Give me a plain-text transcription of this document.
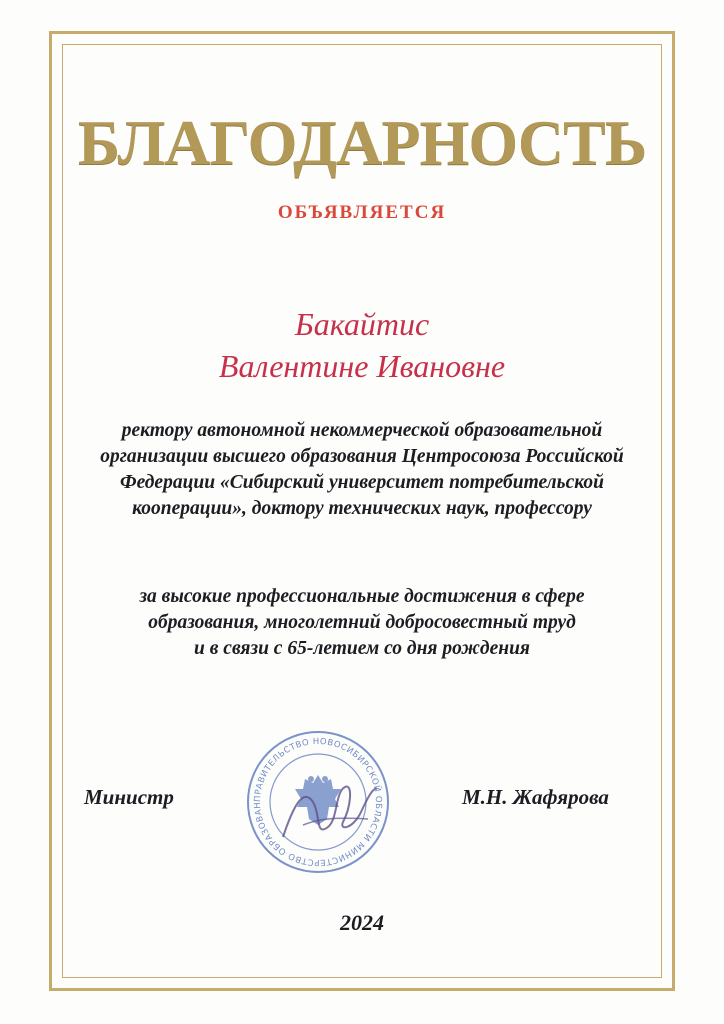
БЛАГОДАРНОСТЬ
ОБЪЯВЛЯЕТСЯ
Бакайтис
Валентине Ивановне
ректору автономной некоммерческой образовательной
организации высшего образования Центросоюза Российской
Федерации «Сибирский университет потребительской
кооперации», доктору технических наук, профессору
за высокие профессиональные достижения в сфере
образования, многолетний добросовестный труд
и в связи с 65-летием со дня рождения
ПРАВИТЕЛЬСТВО НОВОСИБИРСКОЙ ОБЛАСТИ МИНИСТЕРСТВО ОБРАЗОВАН
Министр	М.Н. Жафярова
2024
